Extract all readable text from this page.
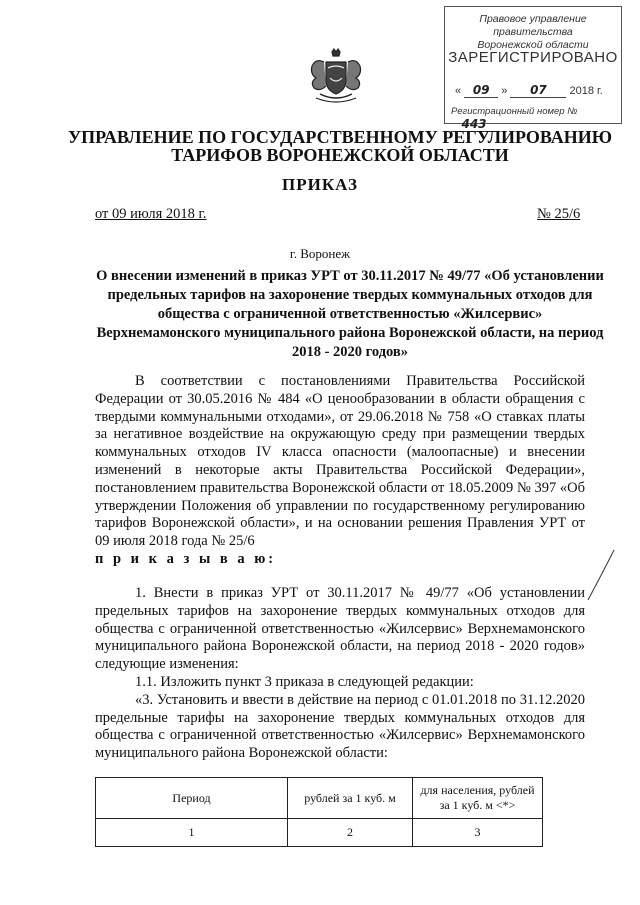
Правовое управление правительства
Воронежской области
ЗАРЕГИСТРИРОВАНО
« 09 » 07 2018 г.
Регистрационный номер № 443
УПРАВЛЕНИЕ ПО ГОСУДАРСТВЕННОМУ РЕГУЛИРОВАНИЮ
ТАРИФОВ ВОРОНЕЖСКОЙ ОБЛАСТИ
ПРИКАЗ
от 09 июля 2018 г.	№ 25/6
г. Воронеж
О внесении изменений в приказ УРТ от 30.11.2017 № 49/77 «Об установлении предельных тарифов на захоронение твердых коммунальных отходов для общества с ограниченной ответственностью «Жилсервис» Верхнемамонского муниципального района Воронежской области, на период 2018 - 2020 годов»

В соответствии с постановлениями Правительства Российской Федерации от 30.05.2016 № 484 «О ценообразовании в области обращения с твердыми коммунальными отходами», от 29.06.2018 № 758 «О ставках платы за негативное воздействие на окружающую среду при размещении твердых коммунальных отходов IV класса опасности (малоопасные) и внесении изменений в некоторые акты Правительства Российской Федерации», постановлением правительства Воронежской области от 18.05.2009 № 397 «Об утверждении Положения об управлении по государственному регулированию тарифов Воронежской области», и на основании решения Правления УРТ от 09 июля 2018 года № 25/6

п р и к а з ы в а ю:

1. Внести в приказ УРТ от 30.11.2017 № 49/77 «Об установлении предельных тарифов на захоронение твердых коммунальных отходов для общества с ограниченной ответственностью «Жилсервис» Верхнемамонского муниципального района Воронежской области, на период 2018 - 2020 годов» следующие изменения:

1.1. Изложить пункт 3 приказа в следующей редакции:

«3. Установить и ввести в действие на период с 01.01.2018 по 31.12.2020 предельные тарифы на захоронение твердых коммунальных отходов для общества с ограниченной ответственностью «Жилсервис» Верхнемамонского муниципального района Воронежской области:

Период	рублей за 1 куб. м	для населения, рублей за 1 куб. м <*>
1	2	3
